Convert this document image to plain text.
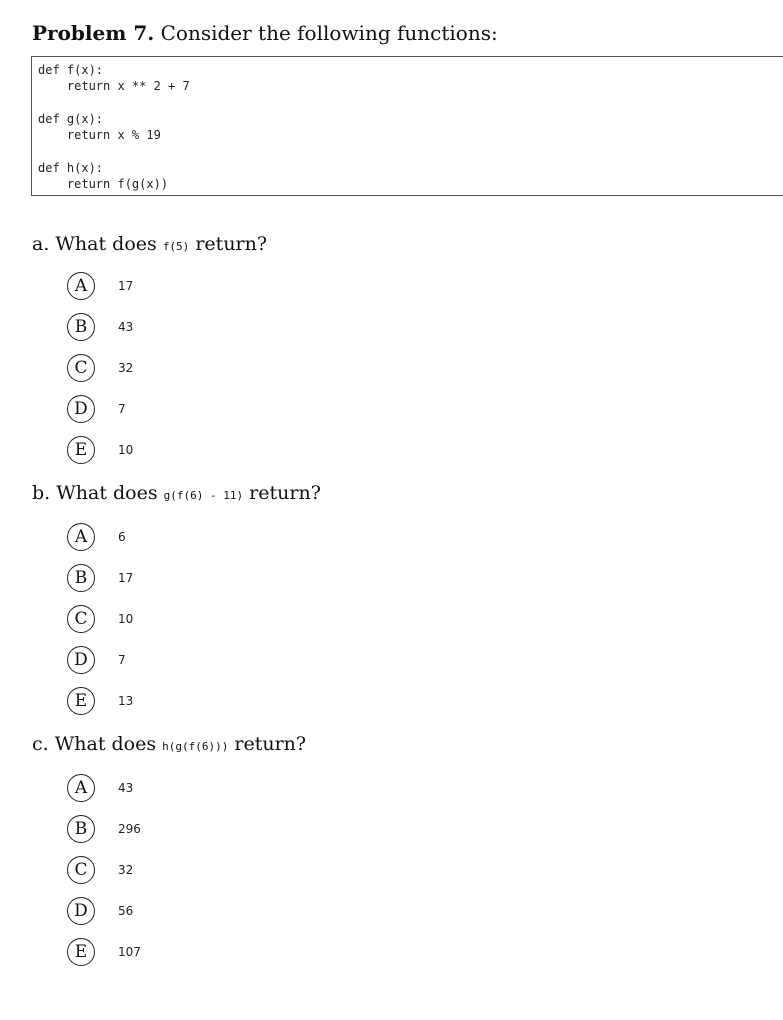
Problem 7. Consider the following functions:
def f(x):
return x ** 2 + 7
def g(x):
return x % 19
def h(x):
return f(g(x))
a. What does f(5) return?
A	17
B	43
C	32
D	7
E	10
b. What does g(f(6) - 11) return?
A	6
B	17
C	10
D	7
E	13
c. What does h(g(f(6))) return?
A	43
B	296
C	32
D	56
E	107
